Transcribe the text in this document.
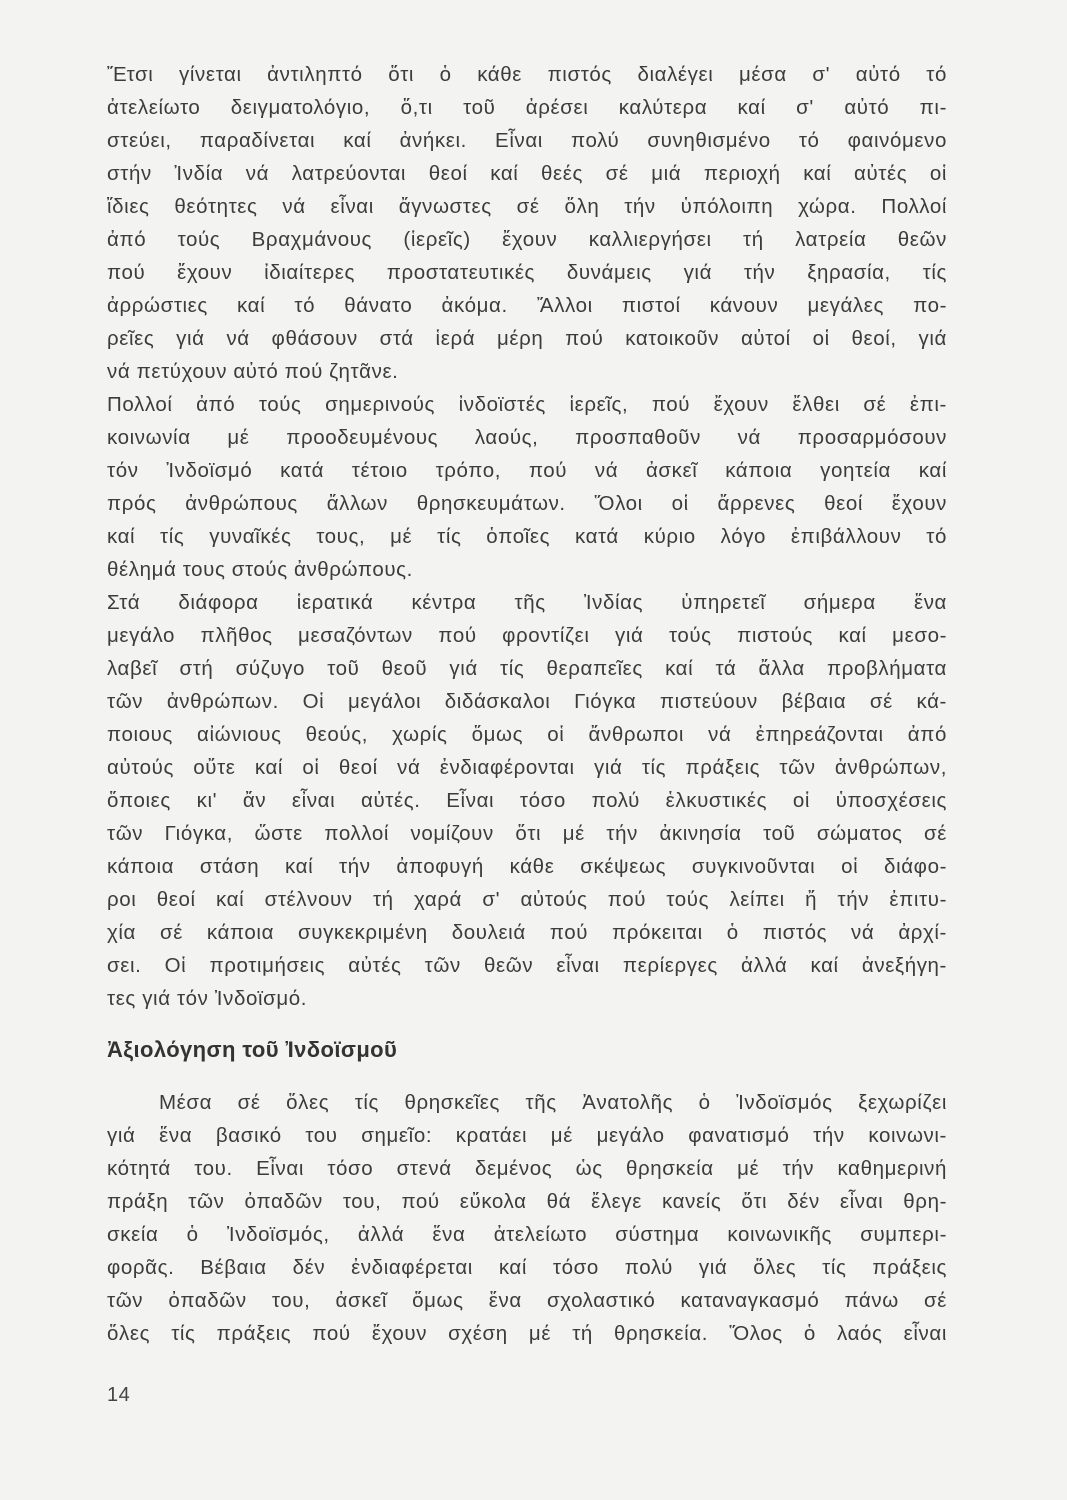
Ἔτσι γίνεται ἀντιληπτό ὅτι ὁ κάθε πιστός διαλέγει μέσα σ' αὐτό τό
ἀτελείωτο δειγματολόγιο, ὅ,τι τοῦ ἀρέσει καλύτερα καί σ' αὐτό πι-
στεύει, παραδίνεται καί ἀνήκει. Εἶναι πολύ συνηθισμένο τό φαινόμενο
στήν Ἰνδία νά λατρεύονται θεοί καί θεές σέ μιά περιοχή καί αὐτές οἱ
ἴδιες θεότητες νά εἶναι ἄγνωστες σέ ὅλη τήν ὑπόλοιπη χώρα. Πολλοί
ἀπό τούς Βραχμάνους (ἱερεῖς) ἔχουν καλλιεργήσει τή λατρεία θεῶν
πού ἔχουν ἰδιαίτερες προστατευτικές δυνάμεις γιά τήν ξηρασία, τίς
ἀρρώστιες καί τό θάνατο ἀκόμα. Ἄλλοι πιστοί κάνουν μεγάλες πο-
ρεῖες γιά νά φθάσουν στά ἱερά μέρη πού κατοικοῦν αὐτοί οἱ θεοί, γιά
νά πετύχουν αὐτό πού ζητᾶνε.
Πολλοί ἀπό τούς σημερινούς ἰνδοϊστές ἱερεῖς, πού ἔχουν ἔλθει σέ ἐπι-
κοινωνία μέ προοδευμένους λαούς, προσπαθοῦν νά προσαρμόσουν
τόν Ἰνδοϊσμό κατά τέτοιο τρόπο, πού νά ἀσκεῖ κάποια γοητεία καί
πρός ἀνθρώπους ἄλλων θρησκευμάτων. Ὅλοι οἱ ἄρρενες θεοί ἔχουν
καί τίς γυναῖκές τους, μέ τίς ὁποῖες κατά κύριο λόγο ἐπιβάλλουν τό
θέλημά τους στούς ἀνθρώπους.
Στά διάφορα ἱερατικά κέντρα τῆς Ἰνδίας ὑπηρετεῖ σήμερα ἕνα
μεγάλο πλῆθος μεσαζόντων πού φροντίζει γιά τούς πιστούς καί μεσο-
λαβεῖ στή σύζυγο τοῦ θεοῦ γιά τίς θεραπεῖες καί τά ἄλλα προβλήματα
τῶν ἀνθρώπων. Οἱ μεγάλοι διδάσκαλοι Γιόγκα πιστεύουν βέβαια σέ κά-
ποιους αἰώνιους θεούς, χωρίς ὅμως οἱ ἄνθρωποι νά ἐπηρεάζονται ἀπό
αὐτούς οὔτε καί οἱ θεοί νά ἐνδιαφέρονται γιά τίς πράξεις τῶν ἀνθρώπων,
ὅποιες κι' ἄν εἶναι αὐτές. Εἶναι τόσο πολύ ἑλκυστικές οἱ ὑποσχέσεις
τῶν Γιόγκα, ὥστε πολλοί νομίζουν ὅτι μέ τήν ἀκινησία τοῦ σώματος σέ
κάποια στάση καί τήν ἀποφυγή κάθε σκέψεως συγκινοῦνται οἱ διάφο-
ροι θεοί καί στέλνουν τή χαρά σ' αὐτούς πού τούς λείπει ἤ τήν ἐπιτυ-
χία σέ κάποια συγκεκριμένη δουλειά πού πρόκειται ὁ πιστός νά ἀρχί-
σει. Οἱ προτιμήσεις αὐτές τῶν θεῶν εἶναι περίεργες ἀλλά καί ἀνεξήγη-
τες γιά τόν Ἰνδοϊσμό.
Ἀξιολόγηση τοῦ Ἰνδοϊσμοῦ
Μέσα σέ ὅλες τίς θρησκεῖες τῆς Ἀνατολῆς ὁ Ἰνδοϊσμός ξεχωρίζει
γιά ἕνα βασικό του σημεῖο: κρατάει μέ μεγάλο φανατισμό τήν κοινωνι-
κότητά του. Εἶναι τόσο στενά δεμένος ὡς θρησκεία μέ τήν καθημερινή
πράξη τῶν ὀπαδῶν του, πού εὔκολα θά ἔλεγε κανείς ὅτι δέν εἶναι θρη-
σκεία ὁ Ἰνδοϊσμός, ἀλλά ἕνα ἀτελείωτο σύστημα κοινωνικῆς συμπερι-
φορᾶς. Βέβαια δέν ἐνδιαφέρεται καί τόσο πολύ γιά ὅλες τίς πράξεις
τῶν ὀπαδῶν του, ἀσκεῖ ὅμως ἕνα σχολαστικό καταναγκασμό πάνω σέ
ὅλες τίς πράξεις πού ἔχουν σχέση μέ τή θρησκεία. Ὅλος ὁ λαός εἶναι
14
